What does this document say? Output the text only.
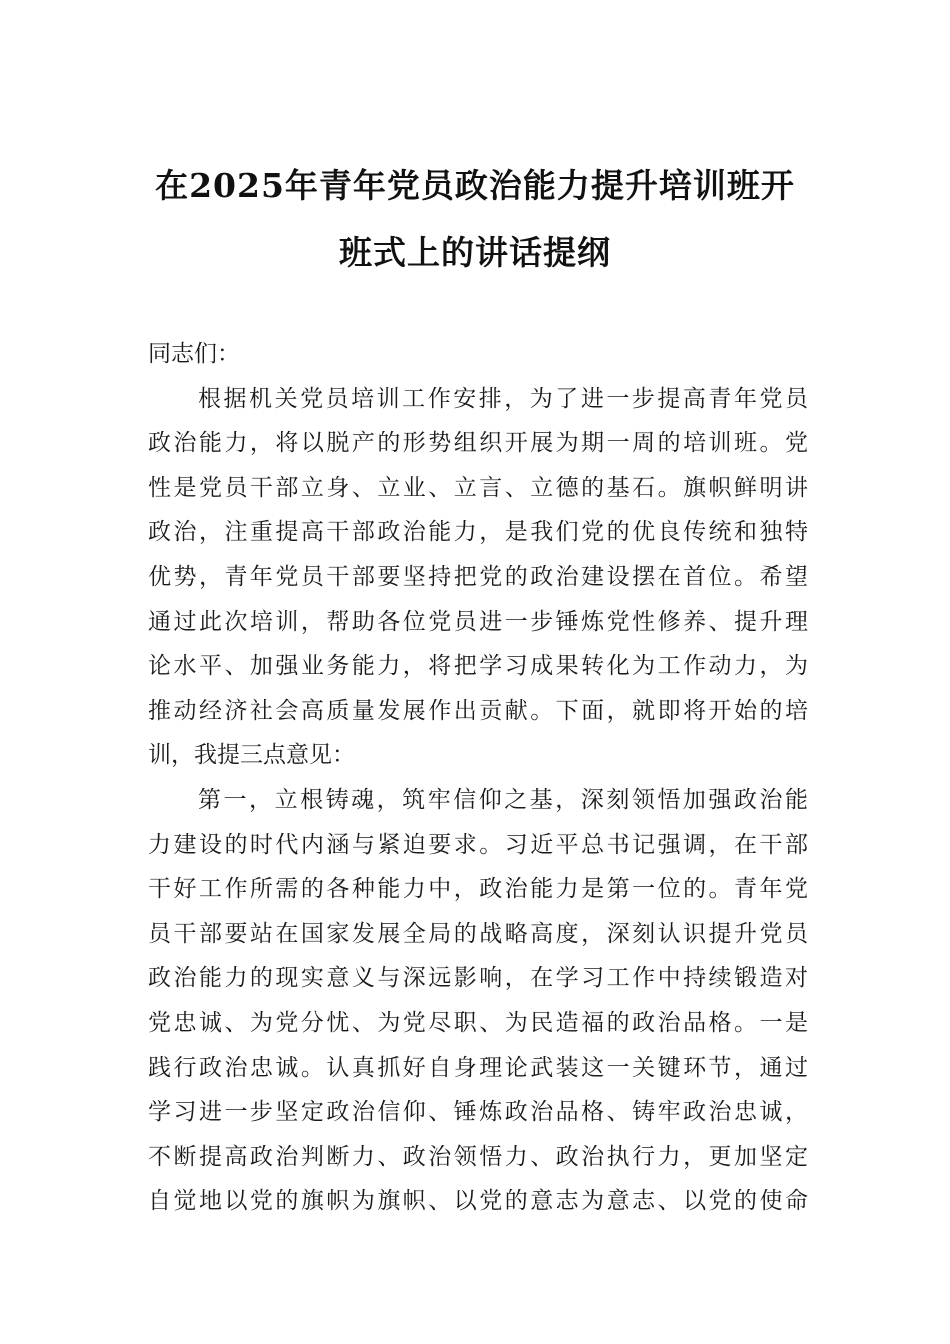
在2025年青年党员政治能力提升培训班开
班式上的讲话提纲
同志们：
根据机关党员培训工作安排，为了进一步提高青年党员
政治能力，将以脱产的形势组织开展为期一周的培训班。党
性是党员干部立身、立业、立言、立德的基石。旗帜鲜明讲
政治，注重提高干部政治能力，是我们党的优良传统和独特
优势，青年党员干部要坚持把党的政治建设摆在首位。希望
通过此次培训，帮助各位党员进一步锤炼党性修养、提升理
论水平、加强业务能力，将把学习成果转化为工作动力，为
推动经济社会高质量发展作出贡献。下面，就即将开始的培
训，我提三点意见：
第一，立根铸魂，筑牢信仰之基，深刻领悟加强政治能
力建设的时代内涵与紧迫要求。习近平总书记强调，在干部
干好工作所需的各种能力中，政治能力是第一位的。青年党
员干部要站在国家发展全局的战略高度，深刻认识提升党员
政治能力的现实意义与深远影响，在学习工作中持续锻造对
党忠诚、为党分忧、为党尽职、为民造福的政治品格。一是
践行政治忠诚。认真抓好自身理论武装这一关键环节，通过
学习进一步坚定政治信仰、锤炼政治品格、铸牢政治忠诚，
不断提高政治判断力、政治领悟力、政治执行力，更加坚定
自觉地以党的旗帜为旗帜、以党的意志为意志、以党的使命
